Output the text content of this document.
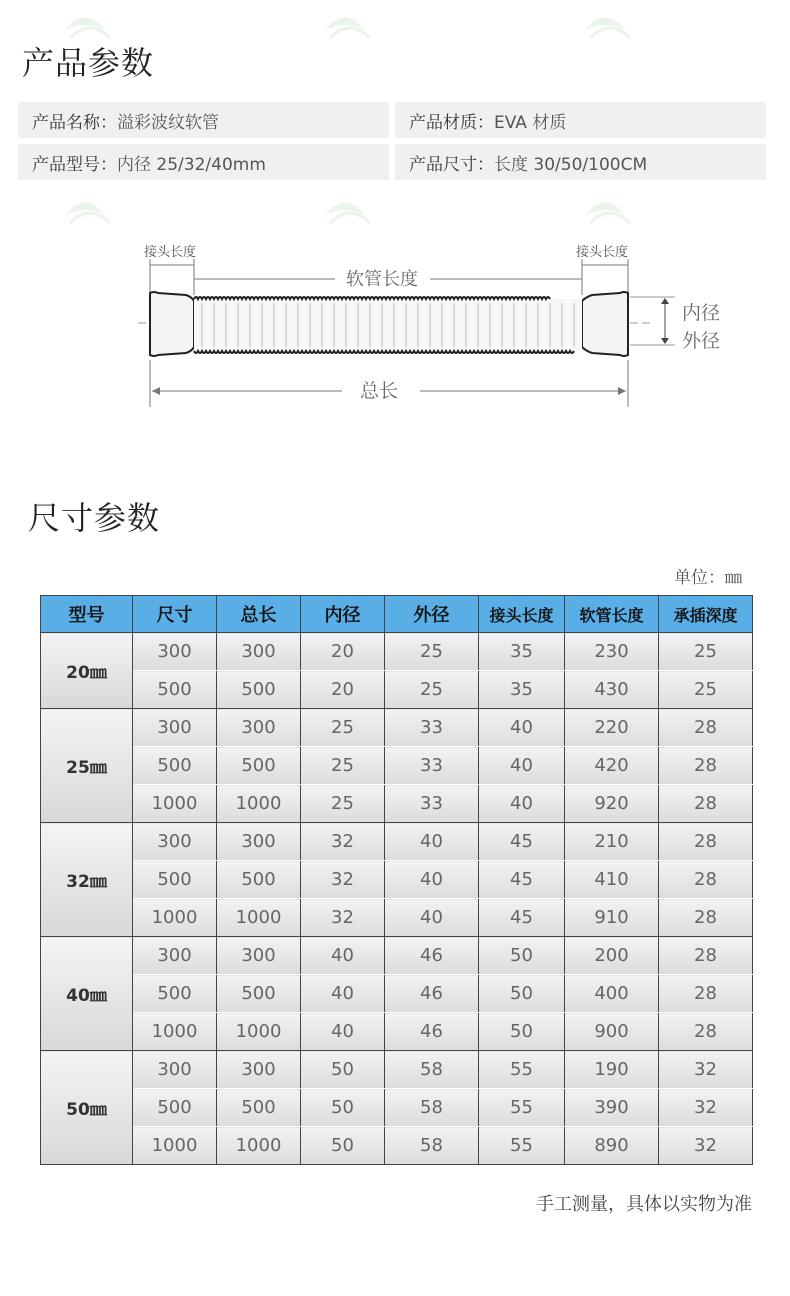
产品参数
产品名称： 溢彩波纹软管	产品材质： EVA 材质
产品型号： 内径 25/32/40mm	产品尺寸： 长度 30/50/100CM
接头长度	接头长度
软管长度
内径
外径
总长
尺寸参数
单位：㎜
型号	尺寸	总长	内径	外径	接头长度	软管长度	承插深度
20㎜	300	300	20	25	35	230	25
	500	500	20	25	35	430	25
25㎜	300	300	25	33	40	220	28
	500	500	25	33	40	420	28
	1000	1000	25	33	40	920	28
32㎜	300	300	32	40	45	210	28
	500	500	32	40	45	410	28
	1000	1000	32	40	45	910	28
40㎜	300	300	40	46	50	200	28
	500	500	40	46	50	400	28
	1000	1000	40	46	50	900	28
50㎜	300	300	50	58	55	190	32
	500	500	50	58	55	390	32
	1000	1000	50	58	55	890	32
手工测量，具体以实物为准
